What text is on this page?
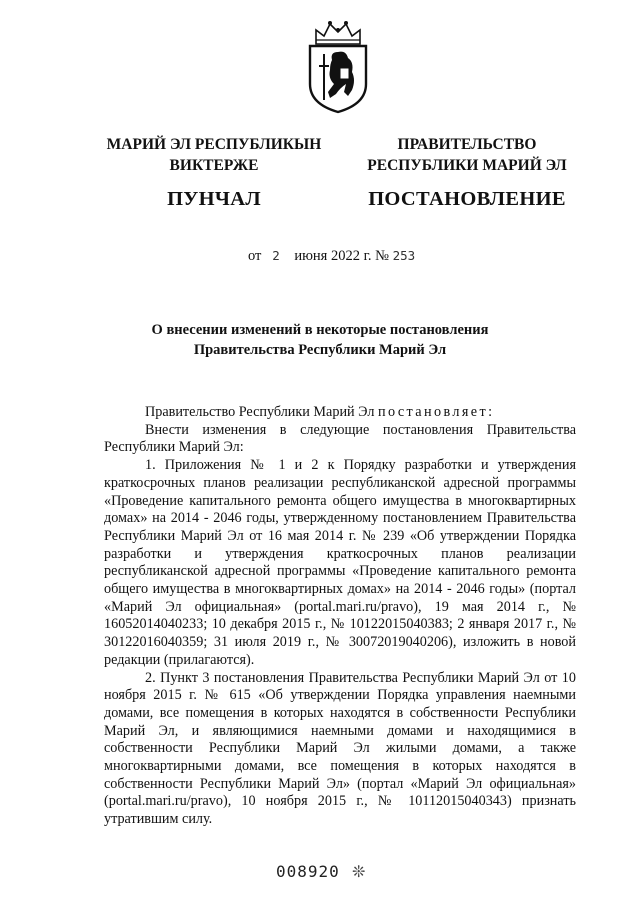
МАРИЙ ЭЛ РЕСПУБЛИКЫН
ВИКТЕРЖЕ
ПУНЧАЛ
ПРАВИТЕЛЬСТВО
РЕСПУБЛИКИ МАРИЙ ЭЛ
ПОСТАНОВЛЕНИЕ
от 2 июня 2022 г. № 253
О внесении изменений в некоторые постановления
Правительства Республики Марий Эл

Правительство Республики Марий Эл постановляет:

Внести изменения в следующие постановления Правительства Республики Марий Эл:

1. Приложения № 1 и 2 к Порядку разработки и утверждения краткосрочных планов реализации республиканской адресной программы «Проведение капитального ремонта общего имущества в многоквартирных домах» на 2014 - 2046 годы, утвержденному постановлением Правительства Республики Марий Эл от 16 мая 2014 г. № 239 «Об утверждении Порядка разработки и утверждения краткосрочных планов реализации республиканской адресной программы «Проведение капитального ремонта общего имущества в многоквартирных домах» на 2014 - 2046 годы» (портал «Марий Эл официальная» (portal.mari.ru/pravo), 19 мая 2014 г., № 16052014040233; 10 декабря 2015 г., № 10122015040383; 2 января 2017 г., № 30122016040359; 31 июля 2019 г., № 30072019040206), изложить в новой редакции (прилагаются).

2. Пункт 3 постановления Правительства Республики Марий Эл от 10 ноября 2015 г. № 615 «Об утверждении Порядка управления наемными домами, все помещения в которых находятся в собственности Республики Марий Эл, и являющимися наемными домами и находящимися в собственности Республики Марий Эл жилыми домами, а также многоквартирными домами, все помещения в которых находятся в собственности Республики Марий Эл» (портал «Марий Эл официальная» (portal.mari.ru/pravo), 10 ноября 2015 г., № 10112015040343) признать утратившим силу.

008920 ❊
